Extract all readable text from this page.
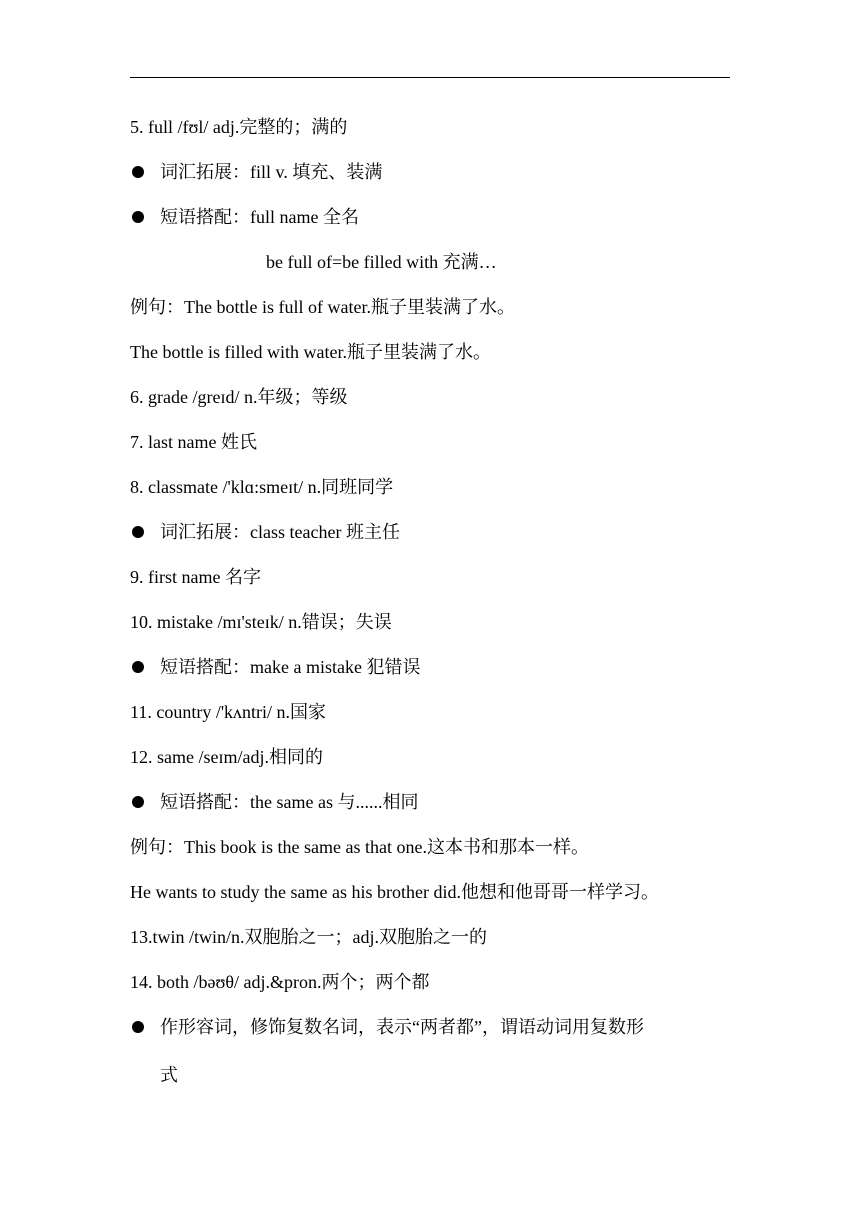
5. full /fʊl/ adj.完整的；满的
词汇拓展：fill v. 填充、装满
短语搭配：full name 全名
be full of=be filled with 充满…
例句：The bottle is full of water.瓶子里装满了水。
The bottle is filled with water.瓶子里装满了水。
6. grade /greɪd/ n.年级；等级
7. last name 姓氏
8. classmate /'klɑ:smeɪt/ n.同班同学
词汇拓展：class teacher 班主任
9. first name 名字
10. mistake /mɪ'steɪk/ n.错误；失误
短语搭配：make a mistake 犯错误
11. country /'kʌntri/ n.国家
12. same /seɪm/adj.相同的
短语搭配：the same as 与......相同
例句：This book is the same as that one.这本书和那本一样。
He wants to study the same as his brother did.他想和他哥哥一样学习。
13.twin /twin/n.双胞胎之一；adj.双胞胎之一的
14. both /bəʊθ/ adj.&pron.两个；两个都
作形容词，修饰复数名词，表示“两者都”，谓语动词用复数形
式
